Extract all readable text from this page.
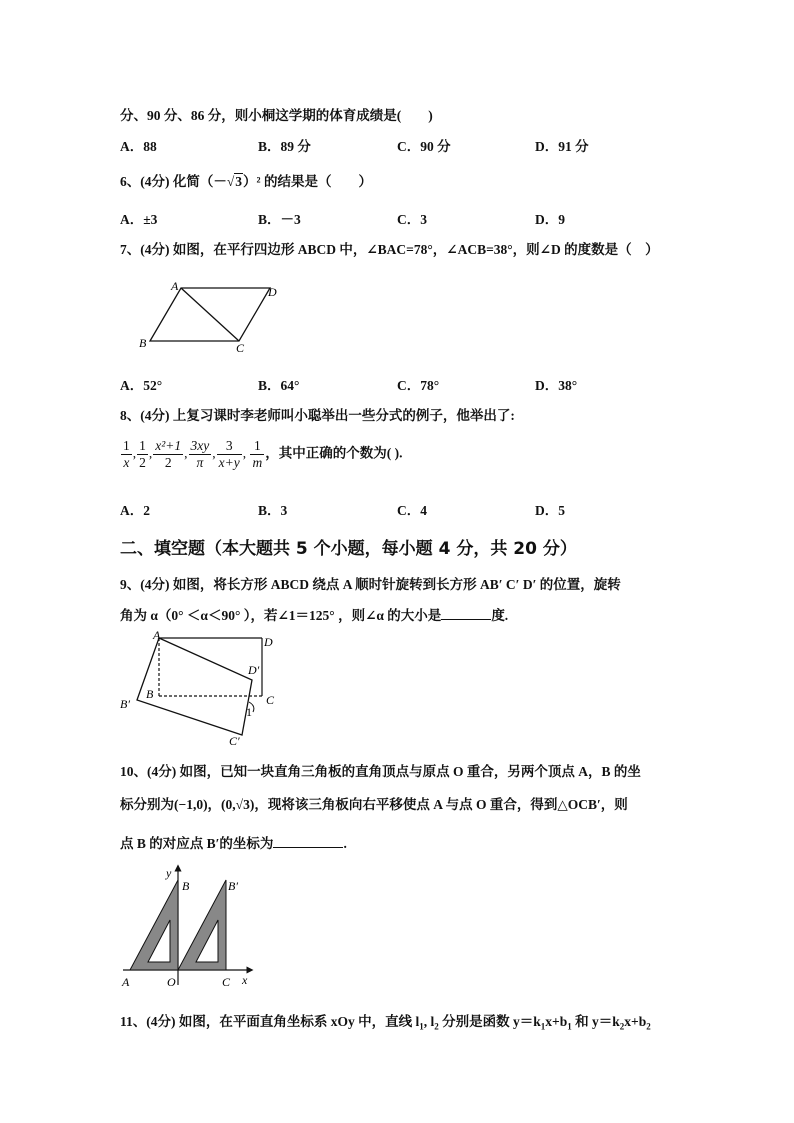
分、90 分、86 分，则小桐这学期的体育成绩是(　　)
A．88	B．89 分	C．90 分	D．91 分
6、(4分) 化简（－√3）² 的结果是（　　）
A．±3	B．－3	C．3	D．9
7、(4分) 如图，在平行四边形 ABCD 中，∠BAC=78°，∠ACB=38°，则∠D 的度数是（　）
A	D
B	C
A．52°	B．64°	C．78°	D．38°
8、(4分) 上复习课时李老师叫小聪举出一些分式的例子，他举出了:
$\frac{1}{x}$ , $\frac{1}{2}$ , $\frac{\text{x²+1}}{2}$ , $\frac{3xy}{\pi}$ , $\frac{3}{x+y}$ , $\frac{1}{m}$ ，其中正确的个数为( ).
A．2	B．3	C．4	D．5
二、填空题（本大题共 5 个小题，每小题 4 分，共 20 分）
9、(4分) 如图，将长方形 ABCD 绕点 A 顺时针旋转到长方形 AB′ C′ D′ 的位置，旋转
角为 α（0° ＜α＜90° ），若∠1＝125° ，则∠α 的大小是	度.
A	D
D′
B	C
B′
1
C′
10、(4分) 如图，已知一块直角三角板的直角顶点与原点 O 重合，另两个顶点 A，B 的坐
标分别为(−1,0)，(0,√3)，现将该三角板向右平移使点 A 与点 O 重合，得到△OCB′，则
点 B 的对应点 B′的坐标为	.
y
B	B′
A	O	C x
11、(4分) 如图，在平面直角坐标系 xOy 中，直线 $l_1$, $l_2$ 分别是函数 $y=k_1x+b_1$ 和 $y=k_2x+b_2$
